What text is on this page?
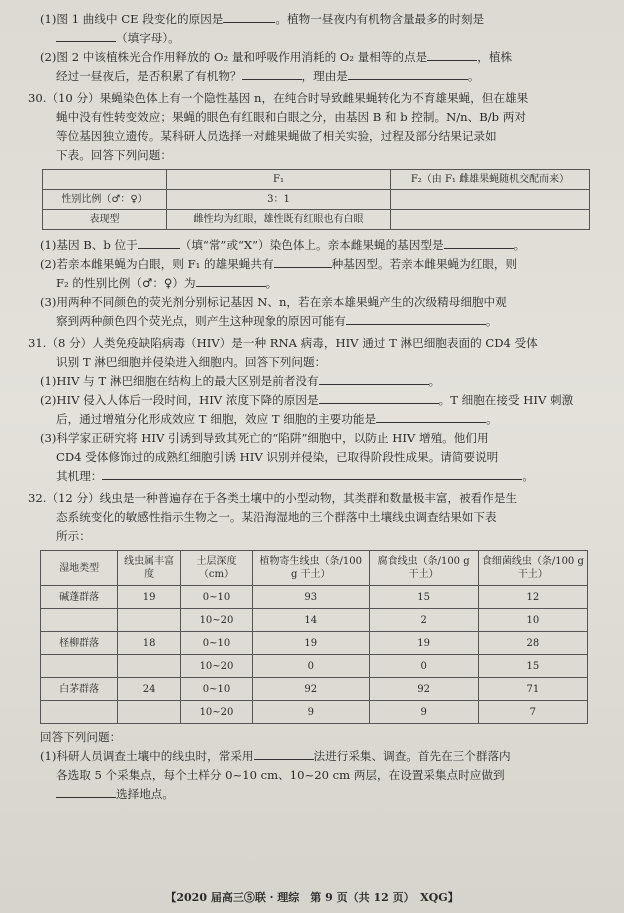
(1)图 1 曲线中 CE 段变化的原因是	。植物一昼夜内有机物含量最多的时刻是
（填字母）。
(2)图 2 中该植株光合作用释放的 O₂ 量和呼吸作用消耗的 O₂ 量相等的点是	，植株
经过一昼夜后，是否积累了有机物？	，理由是	。
30.（10 分）果蝇染色体上有一个隐性基因 n，在纯合时导致雌果蝇转化为不育雄果蝇，但在雄果
蝇中没有性转变效应；果蝇的眼色有红眼和白眼之分，由基因 B 和 b 控制。N/n、B/b 两对
等位基因独立遗传。某科研人员选择一对雌果蝇做了相关实验，过程及部分结果记录如
下表。回答下列问题：
	F₁	F₂（由 F₁ 雌雄果蝇随机交配而来）
性别比例（♂：♀）	3：1	
表现型	雌性均为红眼，雄性既有红眼也有白眼	
(1)基因 B、b 位于	（填“常”或“X”）染色体上。亲本雌果蝇的基因型是	。
(2)若亲本雌果蝇为白眼，则 F₁ 的雄果蝇共有	种基因型。若亲本雌果蝇为红眼，则
F₂ 的性别比例（♂：♀）为	。
(3)用两种不同颜色的荧光剂分别标记基因 N、n，若在亲本雄果蝇产生的次级精母细胞中观
察到两种颜色四个荧光点，则产生这种现象的原因可能有	。
31.（8 分）人类免疫缺陷病毒（HIV）是一种 RNA 病毒，HIV 通过 T 淋巴细胞表面的 CD4 受体
识别 T 淋巴细胞并侵染进入细胞内。回答下列问题：
(1)HIV 与 T 淋巴细胞在结构上的最大区别是前者没有	。
(2)HIV 侵入人体后一段时间，HIV 浓度下降的原因是	。T 细胞在接受 HIV 刺激
后，通过增殖分化形成效应 T 细胞，效应 T 细胞的主要功能是	。
(3)科学家正研究将 HIV 引诱到导致其死亡的“陷阱”细胞中，以防止 HIV 增殖。他们用
CD4 受体修饰过的成熟红细胞引诱 HIV 识别并侵染，已取得阶段性成果。请简要说明
其机理：	。
32.（12 分）线虫是一种普遍存在于各类土壤中的小型动物，其类群和数量极丰富，被看作是生
态系统变化的敏感性指示生物之一。某沿海湿地的三个群落中土壤线虫调查结果如下表
所示：
湿地类型	线虫属丰富度	土层深度（cm）	植物寄生线虫（条/100 g 干土）	腐食线虫（条/100 g 干土）	食细菌线虫（条/100 g 干土）
碱蓬群落	19	0~10	93	15	12
		10~20	14	2	10
柽柳群落	18	0~10	19	19	28
		10~20	0	0	15
白茅群落	24	0~10	92	92	71
		10~20	9	9	7
回答下列问题：
(1)科研人员调查土壤中的线虫时，常采用	法进行采集、调查。首先在三个群落内
各选取 5 个采集点，每个土样分 0~10 cm、10~20 cm 两层，在设置采集点时应做到
选择地点。
【2020 届高三⑤联 · 理综　第 9 页（共 12 页）　XQG】
